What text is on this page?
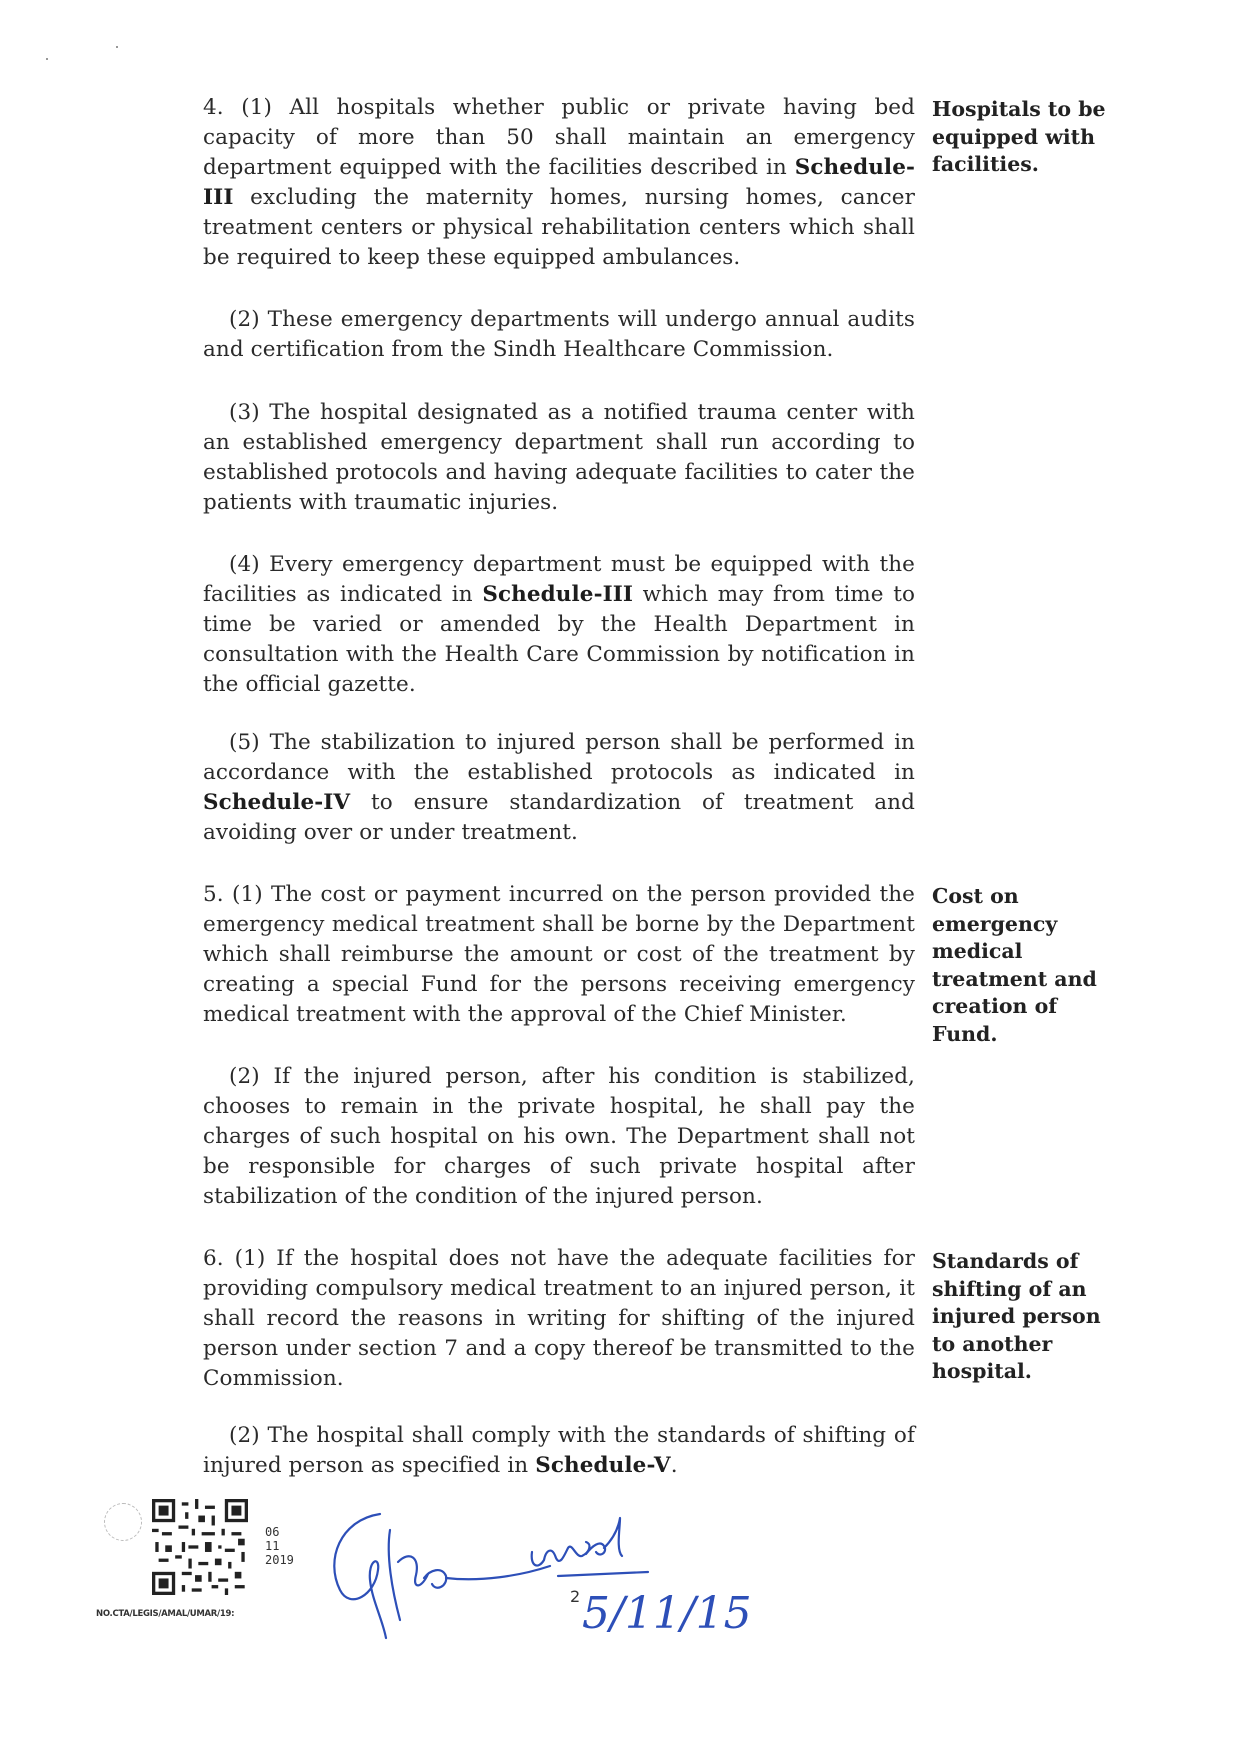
4. (1) All hospitals whether public or private having bed capacity of more than 50 shall maintain an emergency department equipped with the facilities described in Schedule-III excluding the maternity homes, nursing homes, cancer treatment centers or physical rehabilitation centers which shall be required to keep these equipped ambulances.

(2) These emergency departments will undergo annual audits and certification from the Sindh Healthcare Commission.

(3) The hospital designated as a notified trauma center with an established emergency department shall run according to established protocols and having adequate facilities to cater the patients with traumatic injuries.

(4) Every emergency department must be equipped with the facilities as indicated in Schedule-III which may from time to time be varied or amended by the Health Department in consultation with the Health Care Commission by notification in the official gazette.

(5) The stabilization to injured person shall be performed in accordance with the established protocols as indicated in Schedule-IV to ensure standardization of treatment and avoiding over or under treatment.

5. (1) The cost or payment incurred on the person provided the emergency medical treatment shall be borne by the Department which shall reimburse the amount or cost of the treatment by creating a special Fund for the persons receiving emergency medical treatment with the approval of the Chief Minister.

(2) If the injured person, after his condition is stabilized, chooses to remain in the private hospital, he shall pay the charges of such hospital on his own. The Department shall not be responsible for charges of such private hospital after stabilization of the condition of the injured person.

6. (1) If the hospital does not have the adequate facilities for providing compulsory medical treatment to an injured person, it shall record the reasons in writing for shifting of the injured person under section 7 and a copy thereof be transmitted to the Commission.

(2) The hospital shall comply with the standards of shifting of injured person as specified in Schedule-V.

Hospitals to be equipped with facilities.
Cost on emergency medical treatment and creation of Fund.
Standards of shifting of an injured person to another hospital.
06
11
2019
NO.CTA/LEGIS/AMAL/UMAR/19:
2 5/11/15
